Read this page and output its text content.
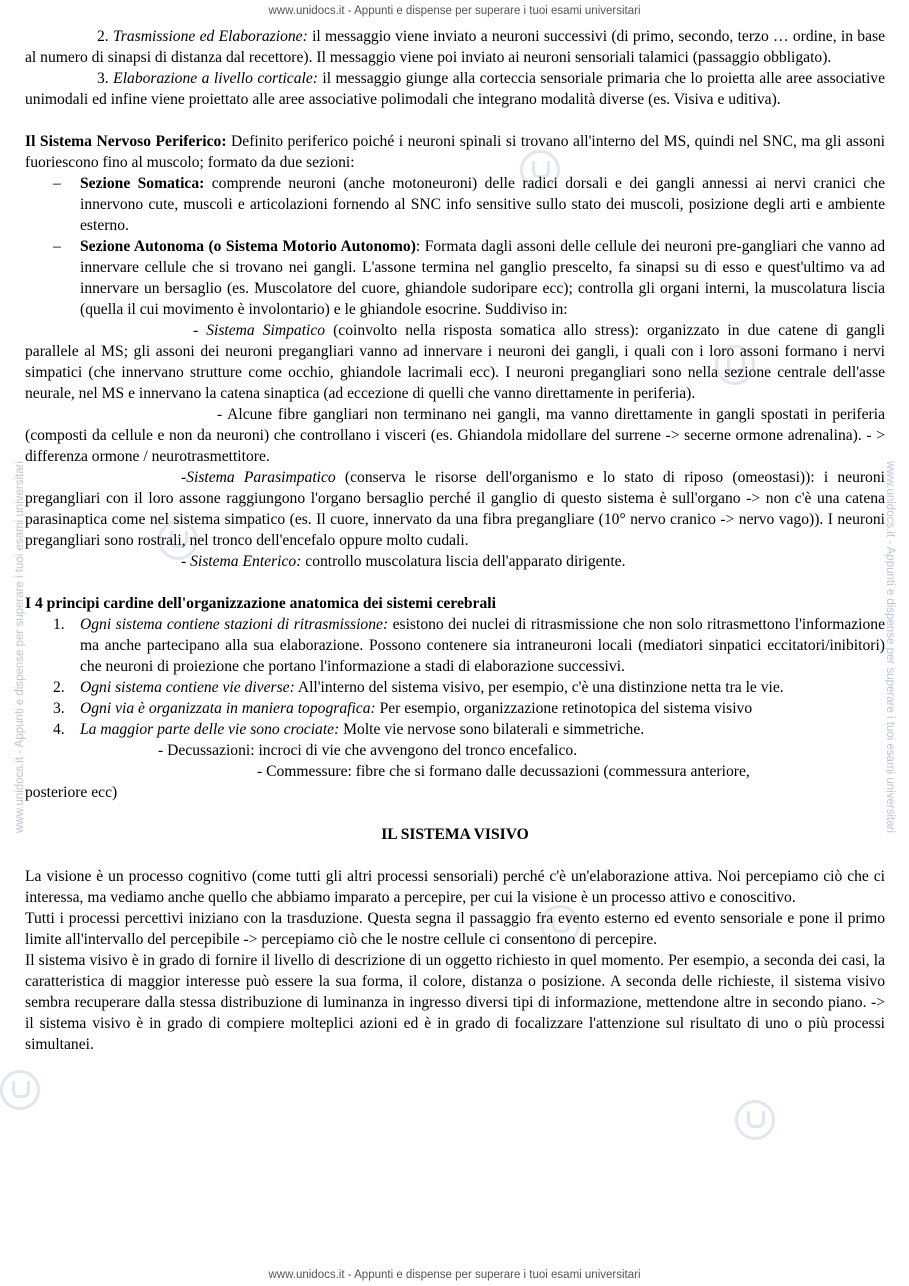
www.unidocs.it - Appunti e dispense per superare i tuoi esami universitari
www.unidocs.it - Appunti e dispense per superare i tuoi esami universitari	www.unidocs.it - Appunti e dispense per superare i tuoi esami universitari

2. Trasmissione ed Elaborazione: il messaggio viene inviato a neuroni successivi (di primo, secondo, terzo … ordine, in base al numero di sinapsi di distanza dal recettore). Il messaggio viene poi inviato ai neuroni sensoriali talamici (passaggio obbligato).

3. Elaborazione a livello corticale: il messaggio giunge alla corteccia sensoriale primaria che lo proietta alle aree associative unimodali ed infine viene proiettato alle aree associative polimodali che integrano modalità diverse (es. Visiva e uditiva).

Il Sistema Nervoso Periferico: Definito periferico poiché i neuroni spinali si trovano all'interno del MS, quindi nel SNC, ma gli assoni fuoriescono fino al muscolo; formato da due sezioni:

– Sezione Somatica: comprende neuroni (anche motoneuroni) delle radici dorsali e dei gangli annessi ai nervi cranici che innervono cute, muscoli e articolazioni fornendo al SNC info sensitive sullo stato dei muscoli, posizione degli arti e ambiente esterno.
– Sezione Autonoma (o Sistema Motorio Autonomo): Formata dagli assoni delle cellule dei neuroni pre-gangliari che vanno ad innervare cellule che si trovano nei gangli. L'assone termina nel ganglio prescelto, fa sinapsi su di esso e quest'ultimo va ad innervare un bersaglio (es. Muscolatore del cuore, ghiandole sudoripare ecc); controlla gli organi interni, la muscolatura liscia (quella il cui movimento è involontario) e le ghiandole esocrine. Suddiviso in:

- Sistema Simpatico (coinvolto nella risposta somatica allo stress): organizzato in due catene di gangli parallele al MS; gli assoni dei neuroni pregangliari vanno ad innervare i neuroni dei gangli, i quali con i loro assoni formano i nervi simpatici (che innervano strutture come occhio, ghiandole lacrimali ecc). I neuroni pregangliari sono nella sezione centrale dell'asse neurale, nel MS e innervano la catena sinaptica (ad eccezione di quelli che vanno direttamente in periferia).

- Alcune fibre gangliari non terminano nei gangli, ma vanno direttamente in gangli spostati in periferia (composti da cellule e non da neuroni) che controllano i visceri (es. Ghiandola midollare del surrene -> secerne ormone adrenalina). - > differenza ormone / neurotrasmettitore.

-Sistema Parasimpatico (conserva le risorse dell'organismo e lo stato di riposo (omeostasi)): i neuroni pregangliari con il loro assone raggiungono l'organo bersaglio perché il ganglio di questo sistema è sull'organo -> non c'è una catena parasinaptica come nel sistema simpatico (es. Il cuore, innervato da una fibra pregangliare (10° nervo cranico -> nervo vago)). I neuroni pregangliari sono rostrali, nel tronco dell'encefalo oppure molto cudali.

- Sistema Enterico: controllo muscolatura liscia dell'apparato dirigente.

I 4 principi cardine dell'organizzazione anatomica dei sistemi cerebrali

1. Ogni sistema contiene stazioni di ritrasmissione: esistono dei nuclei di ritrasmissione che non solo ritrasmettono l'informazione ma anche partecipano alla sua elaborazione. Possono contenere sia intraneuroni locali (mediatori sinpatici eccitatori/inibitori) che neuroni di proiezione che portano l'informazione a stadi di elaborazione successivi.
2. Ogni sistema contiene vie diverse: All'interno del sistema visivo, per esempio, c'è una distinzione netta tra le vie.
3. Ogni via è organizzata in maniera topografica: Per esempio, organizzazione retinotopica del sistema visivo
4. La maggior parte delle vie sono crociate: Molte vie nervose sono bilaterali e simmetriche.

- Decussazioni: incroci di vie che avvengono del tronco encefalico.

- Commessure: fibre che si formano dalle decussazioni (commessura anteriore,

posteriore ecc)

IL SISTEMA VISIVO

La visione è un processo cognitivo (come tutti gli altri processi sensoriali) perché c'è un'elaborazione attiva. Noi percepiamo ciò che ci interessa, ma vediamo anche quello che abbiamo imparato a percepire, per cui la visione è un processo attivo e conoscitivo.

Tutti i processi percettivi iniziano con la trasduzione. Questa segna il passaggio fra evento esterno ed evento sensoriale e pone il primo limite all'intervallo del percepibile -> percepiamo ciò che le nostre cellule ci consentono di percepire.

Il sistema visivo è in grado di fornire il livello di descrizione di un oggetto richiesto in quel momento. Per esempio, a seconda dei casi, la caratteristica di maggior interesse può essere la sua forma, il colore, distanza o posizione. A seconda delle richieste, il sistema visivo sembra recuperare dalla stessa distribuzione di luminanza in ingresso diversi tipi di informazione, mettendone altre in secondo piano. -> il sistema visivo è in grado di compiere molteplici azioni ed è in grado di focalizzare l'attenzione sul risultato di uno o più processi simultanei.

www.unidocs.it - Appunti e dispense per superare i tuoi esami universitari
